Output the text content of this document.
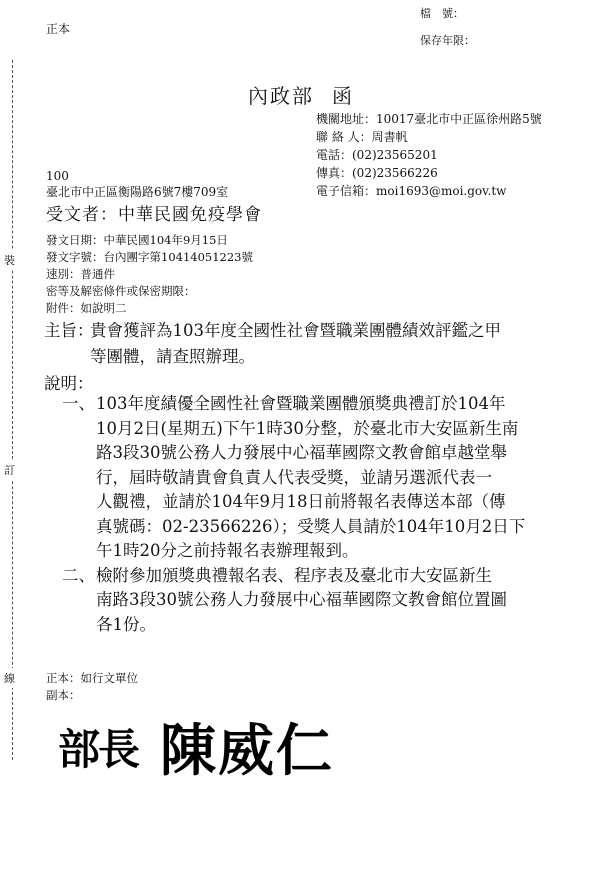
裝
訂
線
正本
檔　號：
保存年限：
內政部 函
機關地址：10017臺北市中正區徐州路5號
聯 絡 人：周書帆
電話：(02)23565201
傳真：(02)23566226
電子信箱：moi1693@moi.gov.tw
100
臺北市中正區衡陽路6號7樓709室
受文者：中華民國免疫學會
發文日期：中華民國104年9月15日
發文字號：台內團字第10414051223號
速別：普通件
密等及解密條件或保密期限：
附件：如說明二
主旨：貴會獲評為103年度全國性社會暨職業團體績效評鑑之甲
等團體，請查照辦理。
說明：
一、103年度績優全國性社會暨職業團體頒獎典禮訂於104年
10月2日(星期五)下午1時30分整，於臺北市大安區新生南
路3段30號公務人力發展中心福華國際文教會館卓越堂舉
行，屆時敬請貴會負責人代表受獎，並請另選派代表一
人觀禮，並請於104年9月18日前將報名表傳送本部（傳
真號碼：02-23566226）；受獎人員請於104年10月2日下
午1時20分之前持報名表辦理報到。
二、檢附參加頒獎典禮報名表、程序表及臺北市大安區新生
南路3段30號公務人力發展中心福華國際文教會館位置圖
各1份。
正本：如行文單位
副本：
部長 陳威仁
